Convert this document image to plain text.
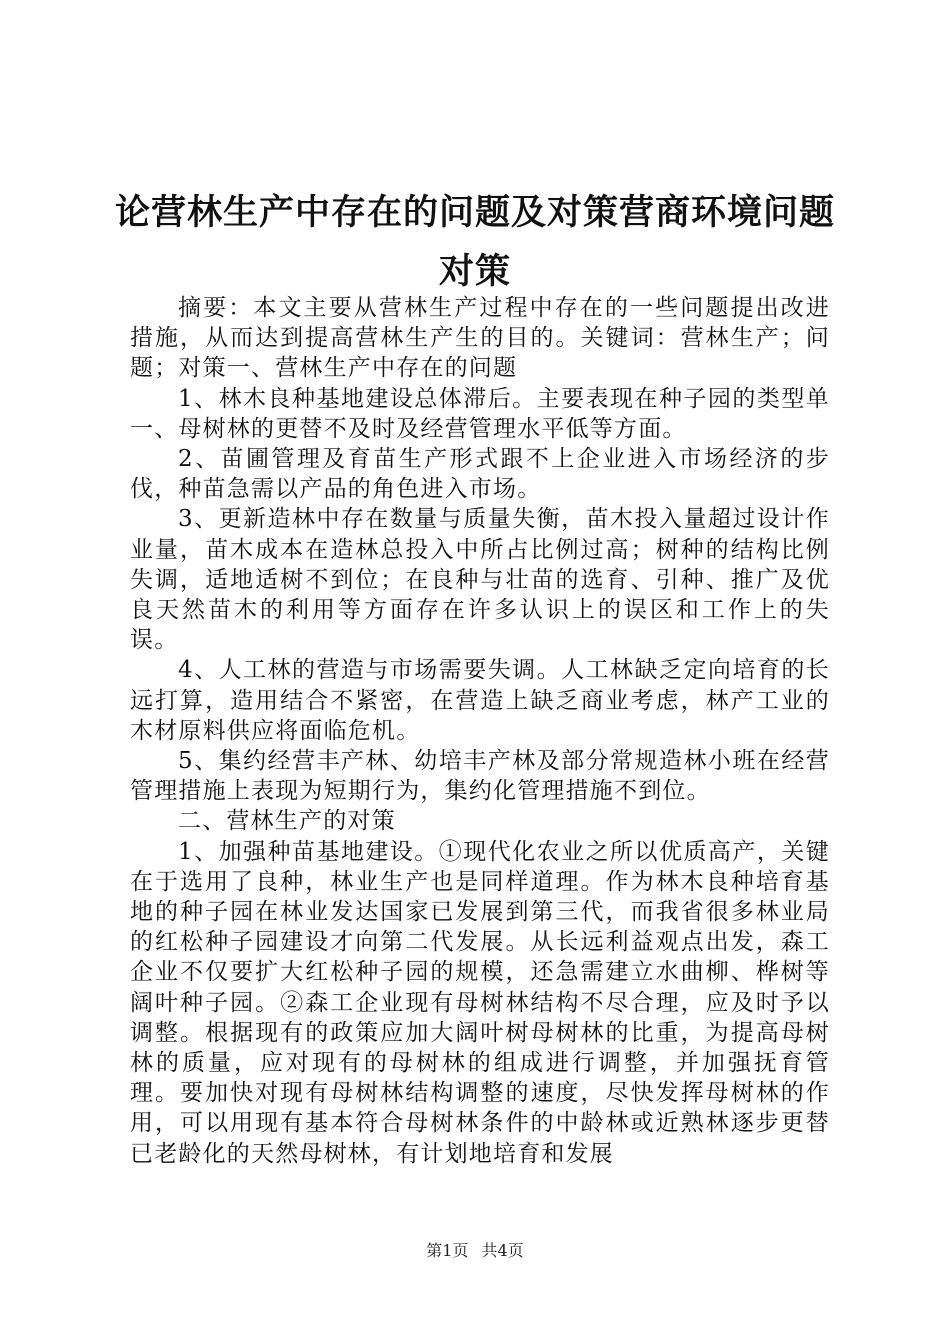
论营林生产中存在的问题及对策营商环境问题
对策

摘要：本文主要从营林生产过程中存在的一些问题提出改进措施，从而达到提高营林生产生的目的。关键词：营林生产；问题；对策一、营林生产中存在的问题

1、林木良种基地建设总体滞后。主要表现在种子园的类型单一、母树林的更替不及时及经营管理水平低等方面。

2、苗圃管理及育苗生产形式跟不上企业进入市场经济的步伐，种苗急需以产品的角色进入市场。

3、更新造林中存在数量与质量失衡，苗木投入量超过设计作业量，苗木成本在造林总投入中所占比例过高；树种的结构比例失调，适地适树不到位；在良种与壮苗的选育、引种、推广及优良天然苗木的利用等方面存在许多认识上的误区和工作上的失误。

4、人工林的营造与市场需要失调。人工林缺乏定向培育的长远打算，造用结合不紧密，在营造上缺乏商业考虑，林产工业的木材原料供应将面临危机。

5、集约经营丰产林、幼培丰产林及部分常规造林小班在经营管理措施上表现为短期行为，集约化管理措施不到位。

二、营林生产的对策

1、加强种苗基地建设。①现代化农业之所以优质高产，关键在于选用了良种，林业生产也是同样道理。作为林木良种培育基地的种子园在林业发达国家已发展到第三代，而我省很多林业局的红松种子园建设才向第二代发展。从长远利益观点出发，森工企业不仅要扩大红松种子园的规模，还急需建立水曲柳、桦树等阔叶种子园。②森工企业现有母树林结构不尽合理，应及时予以调整。根据现有的政策应加大阔叶树母树林的比重，为提高母树林的质量，应对现有的母树林的组成进行调整，并加强抚育管理。要加快对现有母树林结构调整的速度，尽快发挥母树林的作用，可以用现有基本符合母树林条件的中龄林或近熟林逐步更替已老龄化的天然母树林，有计划地培育和发展

第1页 共4页
